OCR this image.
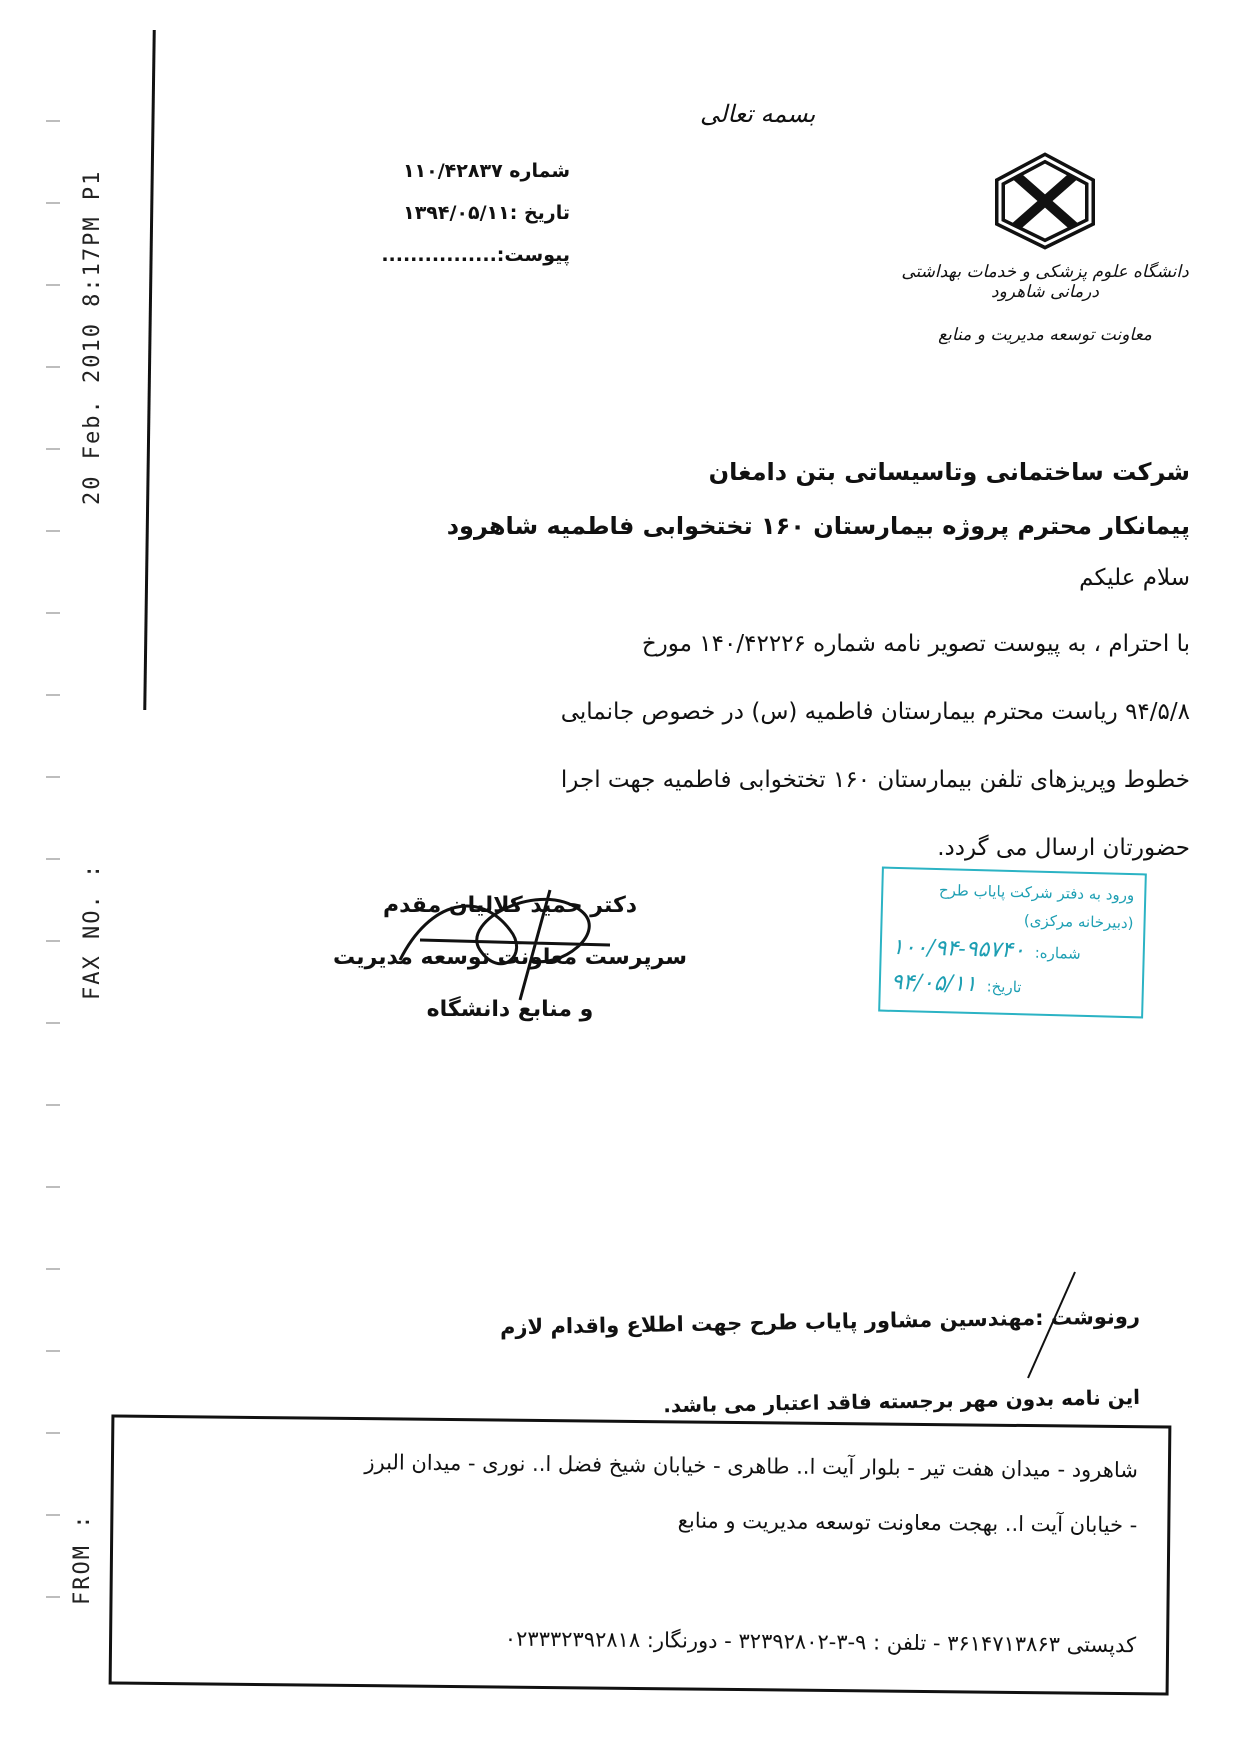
20 Feb. 2010 8:17PM P1
FAX NO. :
FROM :
بسمه تعالی
شماره ۱۱۰/۴۲۸۳۷
تاریخ :۱۳۹۴/۰۵/۱۱
پیوست:................
دانشگاه علوم پزشکی و خدمات بهداشتی درمانی شاهرود
معاونت توسعه مدیریت و منابع
شرکت ساختمانی وتاسیساتی بتن دامغان
پیمانکار محترم پروژه بیمارستان ۱۶۰ تختخوابی فاطمیه شاهرود
سلام علیکم
با احترام ، به پیوست تصویر نامه شماره ۱۴۰/۴۲۲۲۶ مورخ
۹۴/۵/۸ ریاست محترم بیمارستان فاطمیه (س) در خصوص جانمایی
خطوط وپریزهای تلفن بیمارستان ۱۶۰ تختخوابی فاطمیه جهت اجرا
حضورتان ارسال می گردد.
دکتر حمید کلالیان مقدم
سرپرست معاونت توسعه مدیریت
و منابع دانشگاه
ورود به دفتر شرکت پایاب طرح
(دبیرخانه مرکزی)
شماره:
۱۰۰/۹۴-۹۵۷۴۰
تاریخ:
۹۴/۰۵/۱۱
رونوشت :مهندسین مشاور پایاب طرح جهت اطلاع واقدام لازم
این نامه بدون مهر برجسته فاقد اعتبار می باشد.
شاهرود - میدان هفت تیر - بلوار آیت ا.. طاهری - خیابان شیخ فضل ا.. نوری - میدان البرز
- خیابان آیت ا.. بهجت معاونت توسعه مدیریت و منابع
کدپستی ۳۶۱۴۷۱۳۸۶۳ - تلفن : ۹-۳-۳۲۳۹۲۸۰۲ - دورنگار: ۰۲۳۳۳۲۳۹۲۸۱۸
